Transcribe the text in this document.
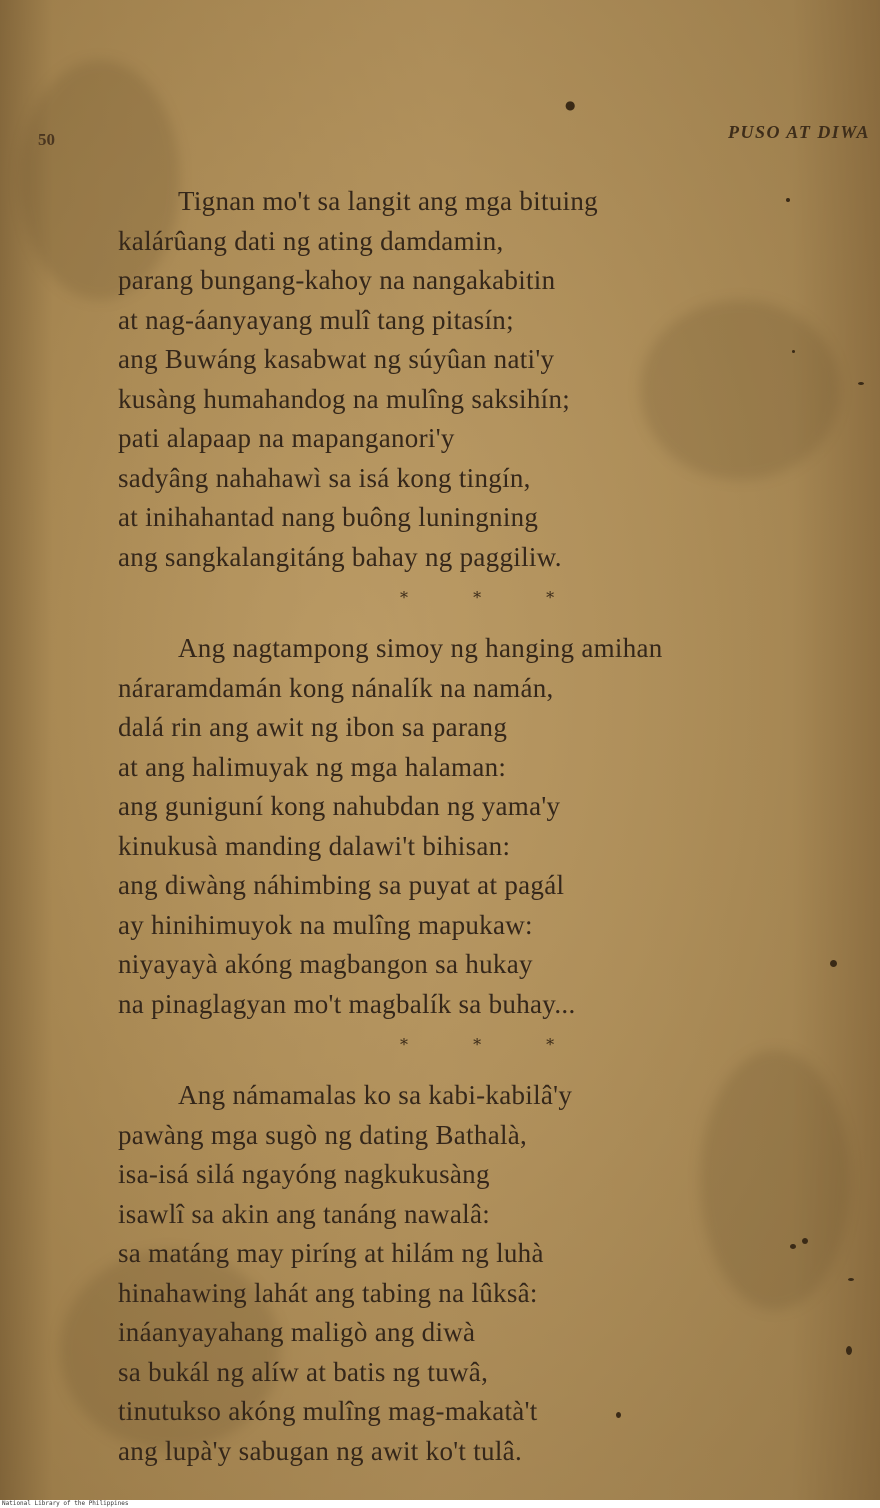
●
50	PUSO AT DIWA
Tignan mo't sa langit ang mga bituing
kalárûang dati ng ating damdamin,
parang bungang-kahoy na nangakabitin
at nag-áanyayang mulî tang pitasín;
ang Buwáng kasabwat ng súyûan nati'y
kusàng humahandog na mulîng saksihín;
pati alapaap na mapanganori'y
sadyâng nahahawì sa isá kong tingín,
at inihahantad nang buông luningning
ang sangkalangitáng bahay ng paggiliw.
* * *
Ang nagtampong simoy ng hanging amihan
náraramdamán kong nánalík na namán,
dalá rin ang awit ng ibon sa parang
at ang halimuyak ng mga halaman:
ang guniguní kong nahubdan ng yama'y
kinukusà manding dalawi't bihisan:
ang diwàng náhimbing sa puyat at pagál
ay hinihimuyok na mulîng mapukaw:
niyayayà akóng magbangon sa hukay
na pinaglagyan mo't magbalík sa buhay...
* * *
Ang námamalas ko sa kabi-kabilâ'y
pawàng mga sugò ng dating Bathalà,
isa-isá silá ngayóng nagkukusàng
isawlî sa akin ang tanáng nawalâ:
sa matáng may piríng at hilám ng luhà
hinahawing lahát ang tabing na lûksâ:
ináanyayahang maligò ang diwà
sa bukál ng alíw at batis ng tuwâ,
tinutukso akóng mulîng mag-makatà't
ang lupà'y sabugan ng awit ko't tulâ.
National Library of the Philippines
